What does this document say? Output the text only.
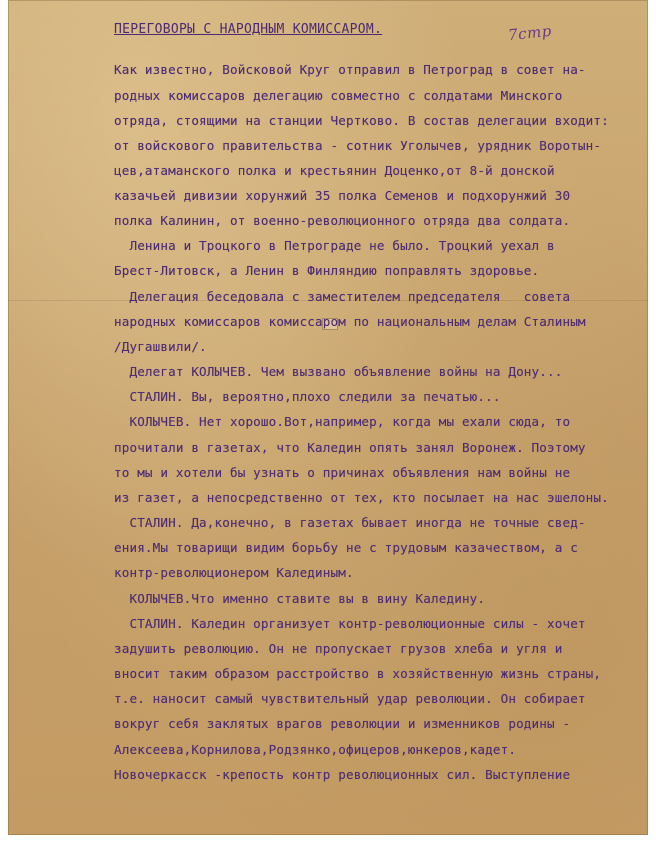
7стр
ПЕРЕГОВОРЫ С НАРОДНЫМ КОМИССАРОМ.
Как известно, Войсковой Круг отправил в Петроград в совет на-
родных комиссаров делегацию совместно с солдатами Минского
отряда, стоящими на станции Чертково. В состав делегации входит:
от войскового правительства - сотник Уголычев, урядник Воротын-
цев,атаманского полка и крестьянин Доценко,от 8-й донской
казачьей дивизии хорунжий 35 полка Семенов и подхорунжий 30
полка Калинин, от военно-революционного отряда два солдата.
Ленина и Троцкого в Петрограде не было. Троцкий уехал в
Брест-Литовск, а Ленин в Финляндию поправлять здоровье.
Делегация беседовала с заместителем председателя   совета
народных комиссаров комиссаром по национальным делам Сталиным
/Дугашвили/.
Делегат КОЛЫЧЕВ. Чем вызвано объявление войны на Дону...
СТАЛИН. Вы, вероятно,плохо следили за печатью...
КОЛЫЧЕВ. Нет хорошо.Вот,например, когда мы ехали сюда, то
прочитали в газетах, что Каледин опять занял Воронеж. Поэтому
то мы и хотели бы узнать о причинах объявления нам войны не
из газет, а непосредственно от тех, кто посылает на нас эшелоны.
СТАЛИН. Да,конечно, в газетах бывает иногда не точные свед-
ения.Мы товарищи видим борьбу не с трудовым казачеством, а с
контр-революционером Калединым.
КОЛЫЧЕВ.Что именно ставите вы в вину Каледину.
СТАЛИН. Каледин организует контр-революционные силы - хочет
задушить революцию. Он не пропускает грузов хлеба и угля и
вносит таким образом расстройство в хозяйственную жизнь страны,
т.е. наносит самый чувствительный удар революции. Он собирает
вокруг себя заклятых врагов революции и изменников родины -
Алексеева,Корнилова,Родзянко,офицеров,юнкеров,кадет.
Новочеркасск -крепость контр революционных сил. Выступление
